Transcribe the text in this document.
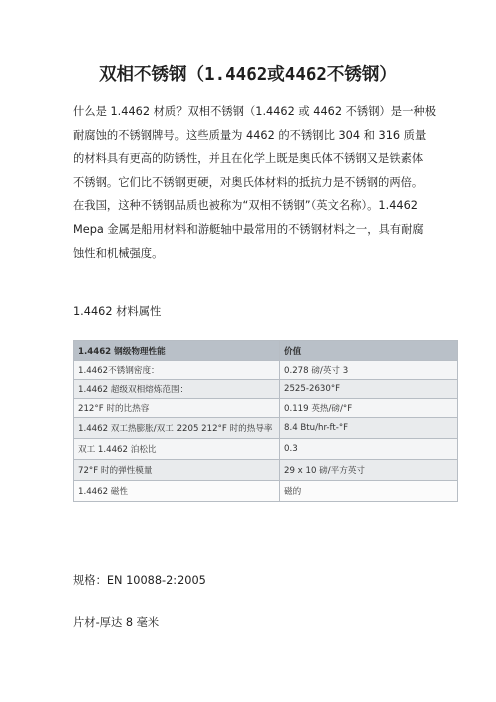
双相不锈钢（1.4462或4462不锈钢）

什么是 1.4462 材质？双相不锈钢（1.4462 或 4462 不锈钢）是一种极
耐腐蚀的不锈钢牌号。这些质量为 4462 的不锈钢比 304 和 316 质量
的材料具有更高的防锈性，并且在化学上既是奥氏体不锈钢又是铁素体
不锈钢。它们比不锈钢更硬，对奥氏体材料的抵抗力是不锈钢的两倍。
在我国，这种不锈钢品质也被称为“双相不锈钢”（英文名称）。1.4462
Mepa 金属是船用材料和游艇轴中最常用的不锈钢材料之一，具有耐腐
蚀性和机械强度。

1.4462 材料属性
1.4462 钢级物理性能	价值
1.4462不锈钢密度：	0.278 磅/英寸 3
1.4462 超级双相熔炼范围：	2525-2630°F
212°F 时的比热容	0.119 英热/磅/°F
1.4462 双工热膨胀/双工 2205 212°F 时的热导率	8.4 Btu/hr-ft-°F
双工 1.4462 泊松比	0.3
72°F 时的弹性模量	29 x 10 磅/平方英寸
1.4462 磁性	磁的
规格：EN 10088-2:2005
片材-厚达 8 毫米
